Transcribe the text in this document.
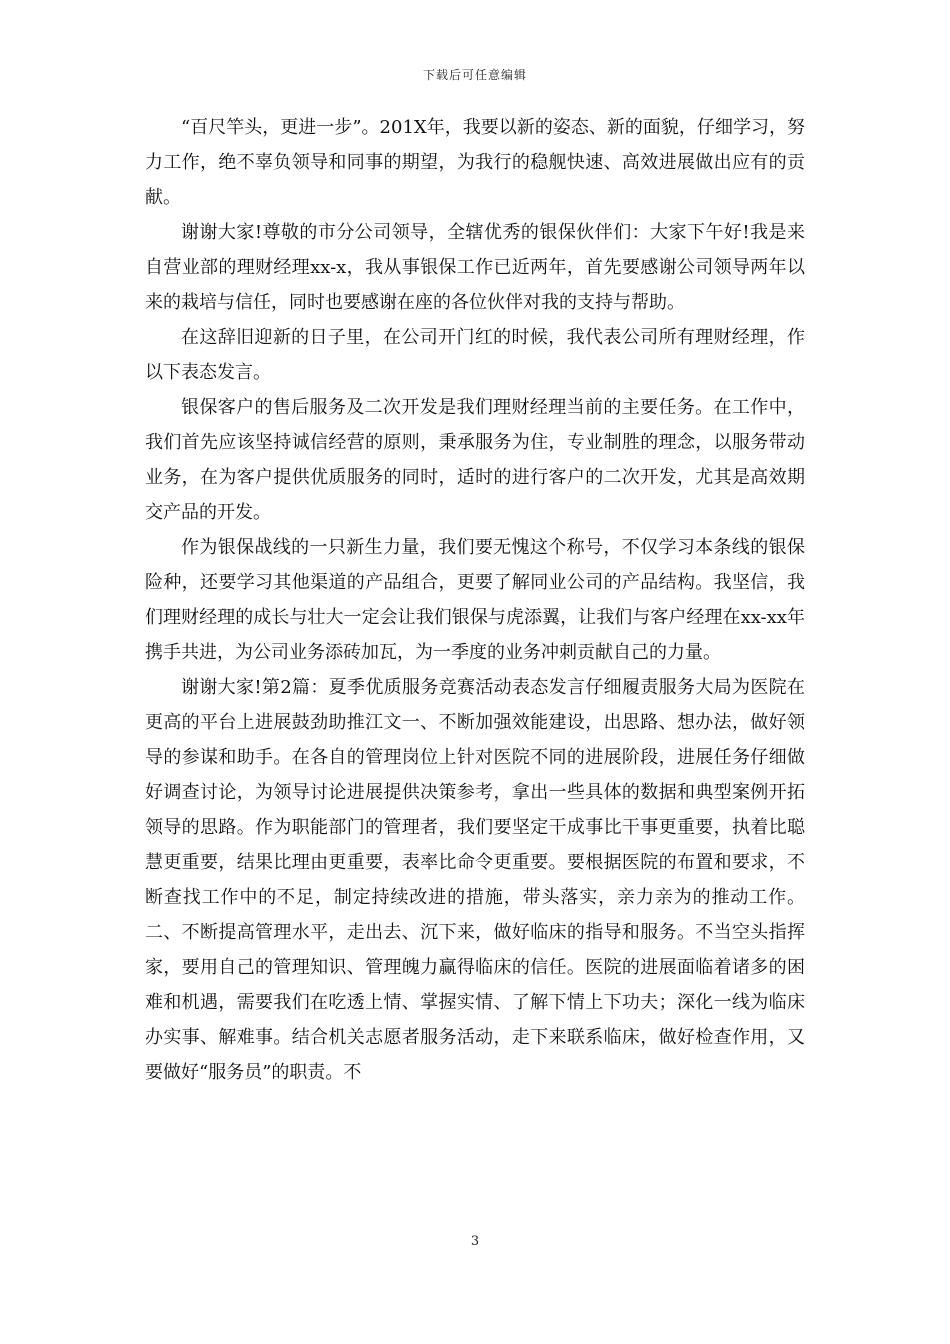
下载后可任意编辑

“百尺竿头，更进一步”。201X年，我要以新的姿态、新的面貌，仔细学习，努力工作，绝不辜负领导和同事的期望，为我行的稳舰快速、高效进展做出应有的贡献。

谢谢大家!尊敬的市分公司领导，全辖优秀的银保伙伴们：大家下午好!我是来自营业部的理财经理xx-x，我从事银保工作已近两年，首先要感谢公司领导两年以来的栽培与信任，同时也要感谢在座的各位伙伴对我的支持与帮助。

在这辞旧迎新的日子里，在公司开门红的时候，我代表公司所有理财经理，作以下表态发言。

银保客户的售后服务及二次开发是我们理财经理当前的主要任务。在工作中，我们首先应该坚持诚信经营的原则，秉承服务为住，专业制胜的理念，以服务带动业务，在为客户提供优质服务的同时，适时的进行客户的二次开发，尤其是高效期交产品的开发。

作为银保战线的一只新生力量，我们要无愧这个称号，不仅学习本条线的银保险种，还要学习其他渠道的产品组合，更要了解同业公司的产品结构。我坚信，我们理财经理的成长与壮大一定会让我们银保与虎添翼，让我们与客户经理在xx-xx年携手共进，为公司业务添砖加瓦，为一季度的业务冲刺贡献自己的力量。

谢谢大家!第2篇：夏季优质服务竞赛活动表态发言仔细履责服务大局为医院在更高的平台上进展鼓劲助推江文一、不断加强效能建设，出思路、想办法，做好领导的参谋和助手。在各自的管理岗位上针对医院不同的进展阶段，进展任务仔细做好调查讨论，为领导讨论进展提供决策参考，拿出一些具体的数据和典型案例开拓领导的思路。作为职能部门的管理者，我们要坚定干成事比干事更重要，执着比聪慧更重要，结果比理由更重要，表率比命令更重要。要根据医院的布置和要求，不断查找工作中的不足，制定持续改进的措施，带头落实，亲力亲为的推动工作。二、不断提高管理水平，走出去、沉下来，做好临床的指导和服务。不当空头指挥家，要用自己的管理知识、管理魄力赢得临床的信任。医院的进展面临着诸多的困难和机遇，需要我们在吃透上情、掌握实情、了解下情上下功夫；深化一线为临床办实事、解难事。结合机关志愿者服务活动，走下来联系临床，做好检查作用，又要做好“服务员”的职责。不

3
